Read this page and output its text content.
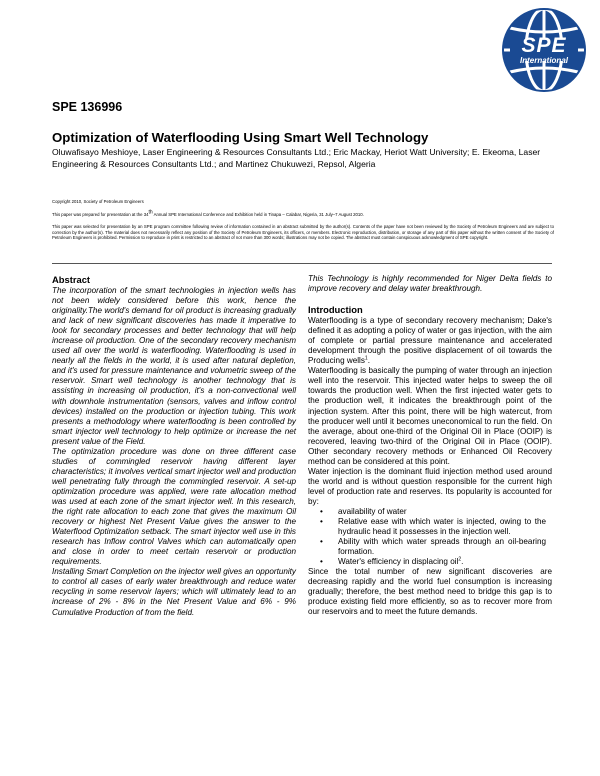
SPE
International
SPE 136996
Optimization of Waterflooding Using Smart Well Technology

Oluwafisayo Meshioye, Laser Engineering & Resources Consultants Ltd.; Eric Mackay, Heriot Watt University; E. Ekeoma, Laser Engineering & Resources Consultants Ltd.; and Martinez Chukuwezi, Repsol, Algeria

Copyright 2010, Society of Petroleum Engineers

This paper was prepared for presentation at the 34th Annual SPE International Conference and Exhibition held in Tinapa – Calabar, Nigeria, 31 July–7 August 2010.

This paper was selected for presentation by an SPE program committee following review of information contained in an abstract submitted by the author(s). Contents of the paper have not been reviewed by the Society of Petroleum Engineers and are subject to correction by the author(s). The material does not necessarily reflect any position of the Society of Petroleum Engineers, its officers, or members. Electronic reproduction, distribution, or storage of any part of this paper without the written consent of the Society of Petroleum Engineers is prohibited. Permission to reproduce in print is restricted to an abstract of not more than 300 words; illustrations may not be copied. The abstract must contain conspicuous acknowledgment of SPE copyright.

Abstract

The incorporation of the smart technologies in injection wells has not been widely considered before this work, hence the originality.The world's demand for oil product is increasing gradually and lack of new significant discoveries has made it imperative to look for secondary processes and better technology that will help increase oil production. One of the secondary recovery mechanism used all over the world is waterflooding. Waterflooding is used in nearly all the fields in the world, it is used after natural depletion, and it's used for pressure maintenance and volumetric sweep of the reservoir. Smart well technology is another technology that is assisting in increasing oil production, it's a non-convectional well with downhole instrumentation (sensors, valves and inflow control devices) installed on the production or injection tubing. This work presents a methodology where waterflooding is been controlled by smart injector well technology to help optimize or increase the net present value of the Field.

The optimization procedure was done on three different case studies of commingled reservoir having different layer characteristics; it involves vertical smart injector well and production well penetrating fully through the commingled reservoir. A set-up optimization procedure was applied, were rate allocation method was used at each zone of the smart injector well. In this research, the right rate allocation to each zone that gives the maximum Oil recovery or highest Net Present Value gives the answer to the Waterflood Optimization setback. The smart injector well use in this research has Inflow control Valves which can automatically open and close in order to meet certain reservoir or production requirements.

Installing Smart Completion on the injector well gives an opportunity to control all cases of early water breakthrough and reduce water recycling in some reservoir layers; which will ultimately lead to an increase of 2% - 8% in the Net Present Value and 6% - 9% Cumulative Production of from the field.

This Technology is highly recommended for Niger Delta fields to improve recovery and delay water breakthrough.

Introduction

Waterflooding is a type of secondary recovery mechanism; Dake's defined it as adopting a policy of water or gas injection, with the aim of complete or partial pressure maintenance and accelerated development through the positive displacement of oil towards the Producing wells$^1$.

Waterflooding is basically the pumping of water through an injection well into the reservoir. This injected water helps to sweep the oil towards the production well. When the first injected water gets to the production well, it indicates the breakthrough point of the injection system. After this point, there will be high watercut, from the producer well until it becomes uneconomical to run the field. On the average, about one-third of the Original Oil in Place (OOIP) is recovered, leaving two-third of the Original Oil in Place (OOIP). Other secondary recovery methods or Enhanced Oil Recovery method can be considered at this point.

Water injection is the dominant fluid injection method used around the world and is without question responsible for the current high level of production rate and reserves. Its popularity is accounted for by:

• availability of water
• Relative ease with which water is injected, owing to the hydraulic head it possesses in the injection well.
• Ability with which water spreads through an oil-bearing formation.
• Water's efficiency in displacing oil$^2$.

Since the total number of new significant discoveries are decreasing rapidly and the world fuel consumption is increasing gradually; therefore, the best method need to bridge this gap is to produce existing field more efficiently, so as to recover more from our reservoirs and to meet the future demands.
